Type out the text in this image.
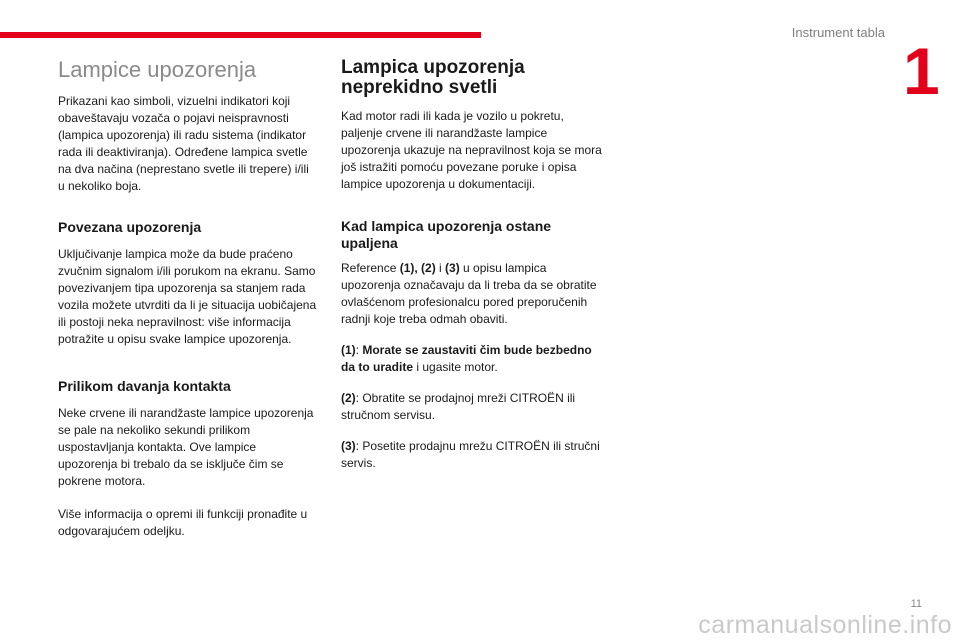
Instrument tabla
1
Lampice upozorenja

Prikazani kao simboli, vizuelni indikatori koji obaveštavaju vozača o pojavi neispravnosti (lampica upozorenja) ili radu sistema (indikator rada ili deaktiviranja). Određene lampica svetle na dva načina (neprestano svetle ili trepere) i/ili u nekoliko boja.

Povezana upozorenja

Uključivanje lampica može da bude praćeno zvučnim signalom i/ili porukom na ekranu. Samo povezivanjem tipa upozorenja sa stanjem rada vozila možete utvrditi da li je situacija uobičajena ili postoji neka nepravilnost: više informacija potražite u opisu svake lampice upozorenja.

Prilikom davanja kontakta

Neke crvene ili narandžaste lampice upozorenja se pale na nekoliko sekundi prilikom uspostavljanja kontakta. Ove lampice upozorenja bi trebalo da se isključe čim se pokrene motora.

Više informacija o opremi ili funkciji pronađite u odgovarajućem odeljku.

Lampica upozorenja neprekidno svetli

Kad motor radi ili kada je vozilo u pokretu, paljenje crvene ili narandžaste lampice upozorenja ukazuje na nepravilnost koja se mora još istražiti pomoću povezane poruke i opisa lampice upozorenja u dokumentaciji.

Kad lampica upozorenja ostane upaljena

Reference (1), (2) i (3) u opisu lampica upozorenja označavaju da li treba da se obratite ovlašćenom profesionalcu pored preporučenih radnji koje treba odmah obaviti.

(1): Morate se zaustaviti čim bude bezbedno da to uradite i ugasite motor.

(2): Obratite se prodajnoj mreži CITROËN ili stručnom servisu.

(3): Posetite prodajnu mrežu CITROËN ili stručni servis.

11
carmanualsonline.info
